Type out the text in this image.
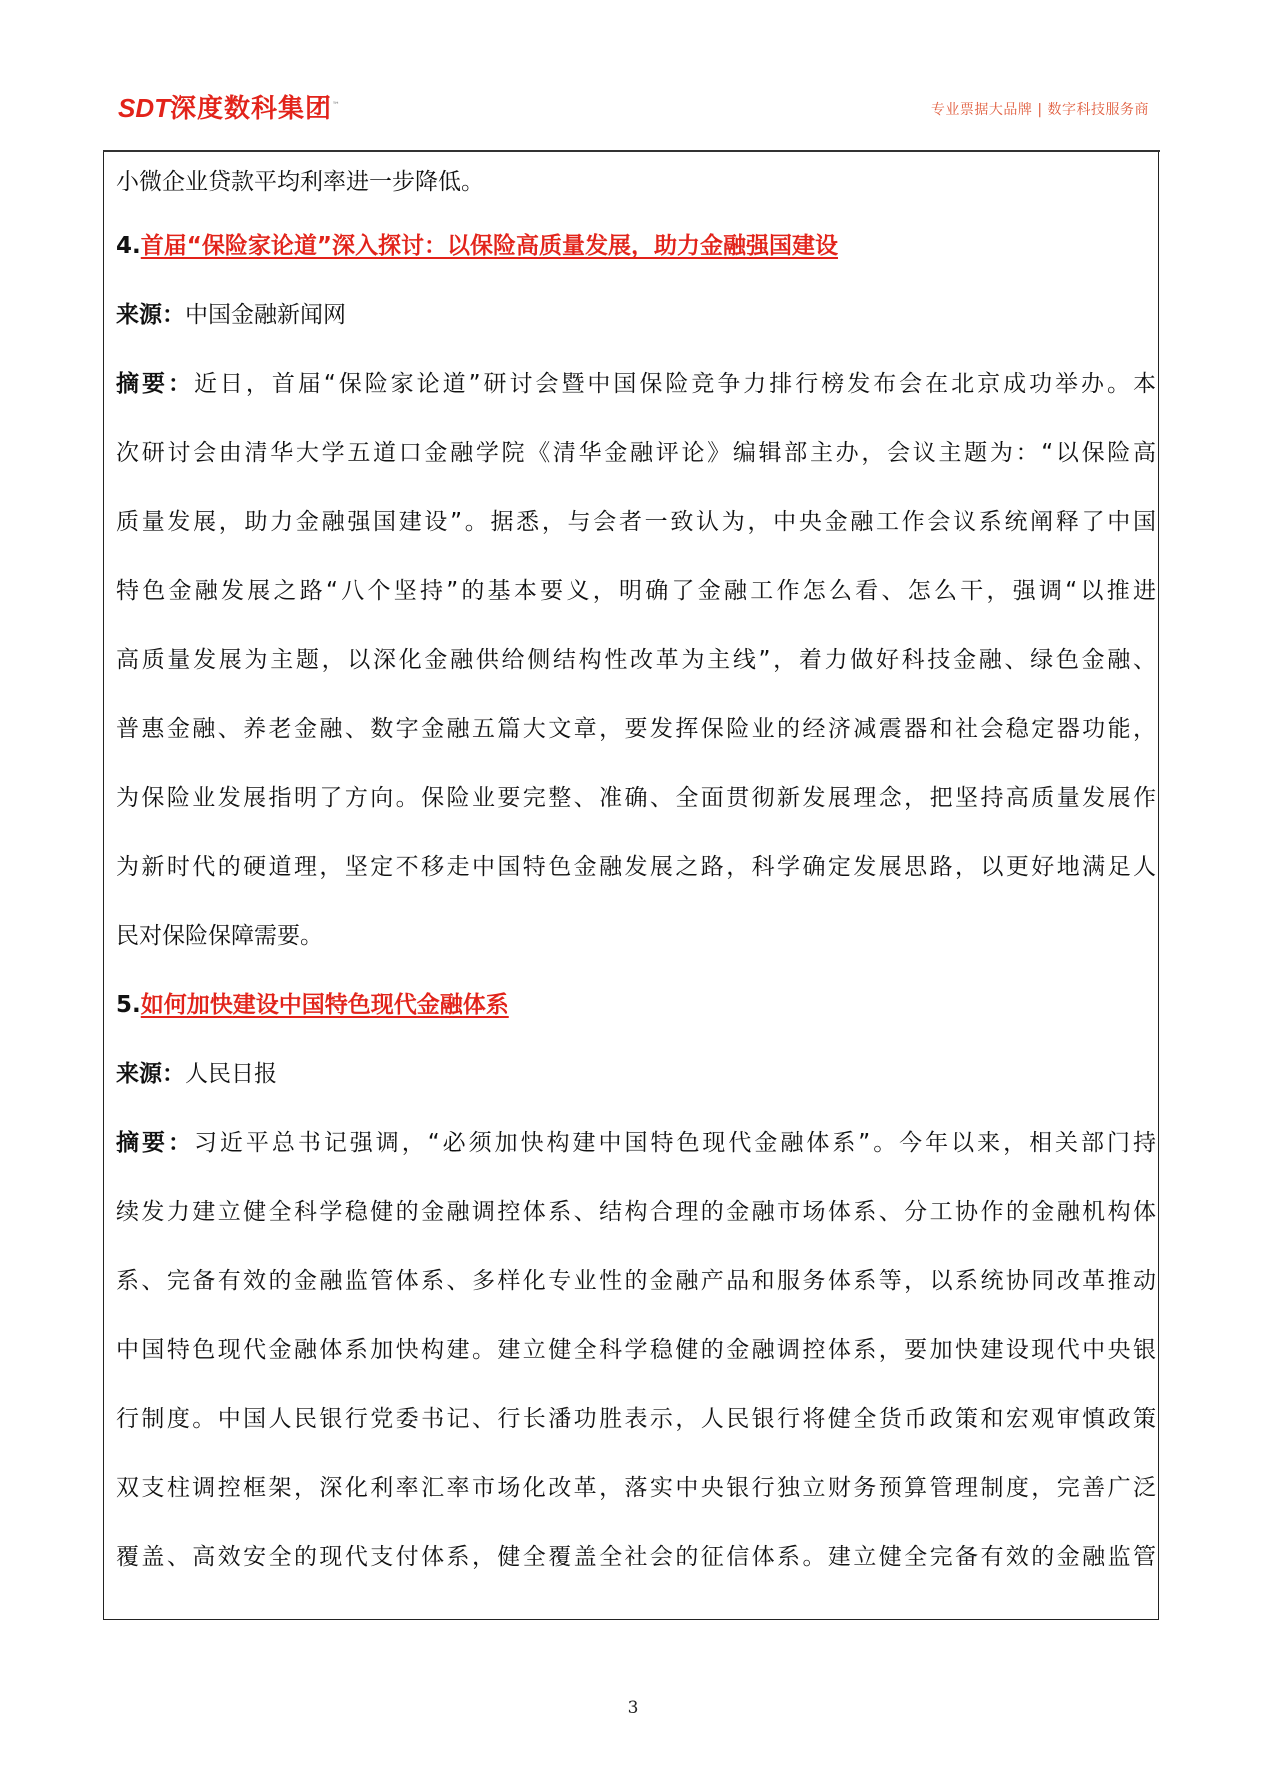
SDT深度数科集团™	专业票据大品牌 | 数字科技服务商
小微企业贷款平均利率进一步降低。
4.首届“保险家论道”深入探讨：以保险高质量发展，助力金融强国建设
来源：中国金融新闻网
摘要：近日，首届“保险家论道”研讨会暨中国保险竞争力排行榜发布会在北京成功举办。本
次研讨会由清华大学五道口金融学院《清华金融评论》编辑部主办，会议主题为：“以保险高
质量发展，助力金融强国建设”。据悉，与会者一致认为，中央金融工作会议系统阐释了中国
特色金融发展之路“八个坚持”的基本要义，明确了金融工作怎么看、怎么干，强调“以推进
高质量发展为主题，以深化金融供给侧结构性改革为主线”，着力做好科技金融、绿色金融、
普惠金融、养老金融、数字金融五篇大文章，要发挥保险业的经济减震器和社会稳定器功能，
为保险业发展指明了方向。保险业要完整、准确、全面贯彻新发展理念，把坚持高质量发展作
为新时代的硬道理，坚定不移走中国特色金融发展之路，科学确定发展思路，以更好地满足人
民对保险保障需要。
5.如何加快建设中国特色现代金融体系
来源：人民日报
摘要：习近平总书记强调，“必须加快构建中国特色现代金融体系”。今年以来，相关部门持
续发力建立健全科学稳健的金融调控体系、结构合理的金融市场体系、分工协作的金融机构体
系、完备有效的金融监管体系、多样化专业性的金融产品和服务体系等，以系统协同改革推动
中国特色现代金融体系加快构建。建立健全科学稳健的金融调控体系，要加快建设现代中央银
行制度。中国人民银行党委书记、行长潘功胜表示，人民银行将健全货币政策和宏观审慎政策
双支柱调控框架，深化利率汇率市场化改革，落实中央银行独立财务预算管理制度，完善广泛
覆盖、高效安全的现代支付体系，健全覆盖全社会的征信体系。建立健全完备有效的金融监管
3
